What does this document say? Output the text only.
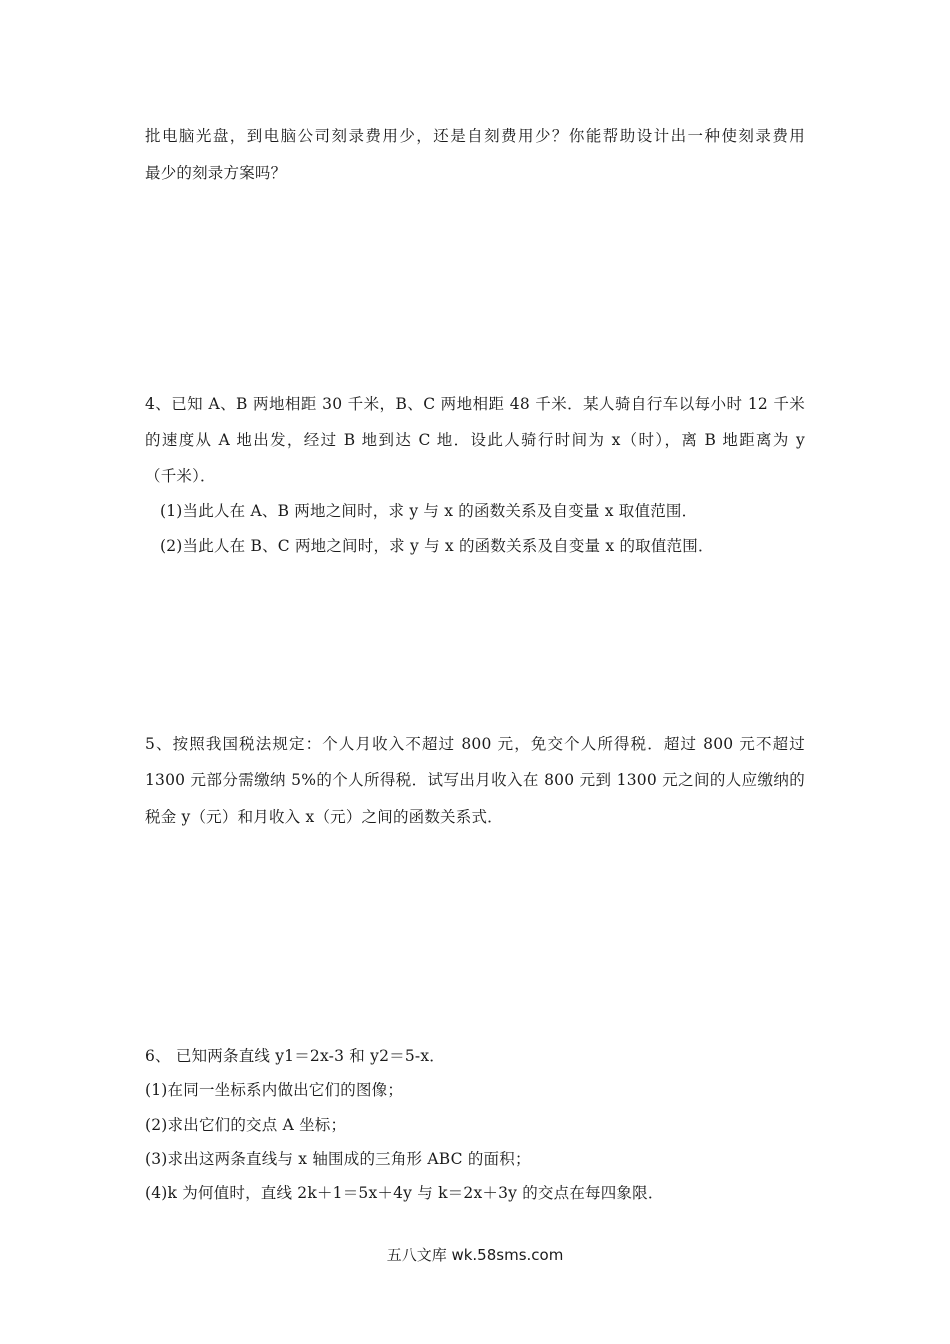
批电脑光盘，到电脑公司刻录费用少，还是自刻费用少？你能帮助设计出一种使刻录费用
最少的刻录方案吗？
4、已知 A、B 两地相距 30 千米，B、C 两地相距 48 千米．某人骑自行车以每小时 12 千米
的速度从 A 地出发，经过 B 地到达 C 地．设此人骑行时间为 x（时），离 B 地距离为 y
（千米）．
(1)当此人在 A、B 两地之间时，求 y 与 x 的函数关系及自变量 x 取值范围．
(2)当此人在 B、C 两地之间时，求 y 与 x 的函数关系及自变量 x 的取值范围．
5、按照我国税法规定：个人月收入不超过 800 元，免交个人所得税．超过 800 元不超过
1300 元部分需缴纳 5%的个人所得税．试写出月收入在 800 元到 1300 元之间的人应缴纳的
税金 y（元）和月收入 x（元）之间的函数关系式．
6、 已知两条直线 y1＝2x-3 和 y2＝5-x．
(1)在同一坐标系内做出它们的图像；
(2)求出它们的交点 A 坐标；
(3)求出这两条直线与 x 轴围成的三角形 ABC 的面积；
(4)k 为何值时，直线 2k＋1＝5x＋4y 与 k＝2x＋3y 的交点在每四象限．
五八文库 wk.58sms.com
